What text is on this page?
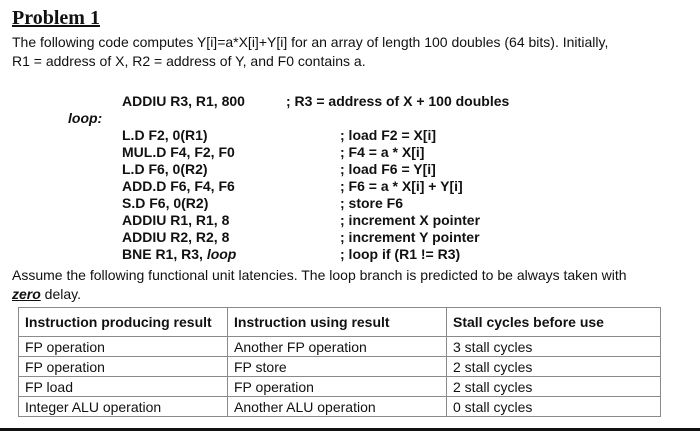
Problem 1
The following code computes Y[i]=a*X[i]+Y[i] for an array of length 100 doubles (64 bits). Initially,
R1 = address of X, R2 = address of Y, and F0 contains a.
ADDIU R3, R1, 800	; R3 = address of X + 100 doubles
loop:
L.D F2, 0(R1)	; load F2 = X[i]
MUL.D F4, F2, F0	; F4 = a * X[i]
L.D F6, 0(R2)	; load F6 = Y[i]
ADD.D F6, F4, F6	; F6 = a * X[i] + Y[i]
S.D F6, 0(R2)	; store F6
ADDIU R1, R1, 8	; increment X pointer
ADDIU R2, R2, 8	; increment Y pointer
BNE R1, R3, loop	; loop if (R1 != R3)
Assume the following functional unit latencies. The loop branch is predicted to be always taken with
zero delay.
Instruction producing result	Instruction using result	Stall cycles before use
FP operation	Another FP operation	3 stall cycles
FP operation	FP store	2 stall cycles
FP load	FP operation	2 stall cycles
Integer ALU operation	Another ALU operation	0 stall cycles
